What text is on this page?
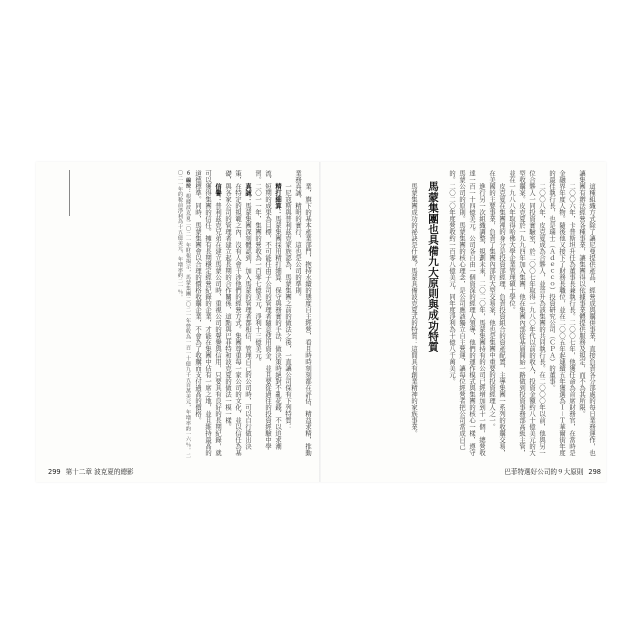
這種組織方式除了讓尼曼提供產品，經營成與購併事業，直接負責各分部處的每日業務運作，也讓集團有辦法經營各種事業，讓集團得以依據事業體提供服務及規定，而不為其所限。

二〇〇六年，卡普斯坦升任為董事長兼執行長。二〇〇七年，他獲任命為首席財務官，在當時是金融界年度人物。隨後他又接下了財務長職位，並在二〇〇五年起連續五年獲選為Ｉ－Ｔ華爾街年度的最佳執行長，也是瑞士（Ａｄｅｃｃｏ）投資研究公司（ＣＰＡ）的董事。

二〇〇八年，皮克夏成為合夥人，並晉升為該集團的共同執行長。在二〇〇〇年以前，他與另一位合夥人一同投資實驗室，於二〇〇七年取得一九八〇年代以前的收入，投資金額約八十億美元的大型收購案。皮克夏於一九九四年加入集團，他在集團內部從基層開始一路做到投資事務部高級主管，並在一九八八年取得哈佛大學企業管理碩士學位。

皮克夏在集團裡的身分是投資部經理，負責投資組合的資產配置，主導集團一系列的收購交易，在美國的主要事業，負責了集團內部的大型交易案，他也是集團中重要的投資經理人之一。

進行另一次組織調整，規劃未來，二〇二〇年，馬蒙集團持有的公司已經增加到十一個，總營收達一百一十四億美元。公司各自由一個資深的經理人領導，他們的運作模式與集團的核心一樣，遵守馬蒙公司的原則。馬蒙集團的核心理念，是公司應該獨立自主營運，讓每位經營者把公司當成自己的。二〇二〇年度營收約一百零八億美元，同年度淨利為十億八千萬美元。

馬蒙集團也具備九大原則與成功特質

馬蒙集團成功的祕訣是什麼？馬蒙具備波克夏式的特質：這間具有創業精神的家族事業。

業，旗下的基本產業部門，抱持水續的態度自主經營，看且時時刻刻都在評估、精益求精，推動業務真誠、精明的實行，這也是公司的準則。

一尼寇斯與普利茲克家族認為，馬蒙集團之前的做法之後，一直讓公司保有下列特質：

精打細算：馬蒙集團採用精打細算、保守與務實的手法，做決策時絕對不亂花錢、不以追求潮流、短期的成果為目標，不可能任由子公司的管理者隨意使用資金，並且要從過往的投資經驗中學習。二〇一一年，集團的營收為一百零七億美元，淨利十三億美元。

真誠：馬蒙集團深刻體認到，加入馬蒙的管理者都相信，管理自己的公司時，可以自行做出決策，在特定的規範之內，沒有人會干涉他們的經營方式。集團尊重每一家公司的文化，並以信任為基礎，與各家公司的管理者建立起長期的合作關係，這點與巴菲特和波克夏的做法一模一樣。

信譽：普利茲克兄弟在建立馬蒙公司時，重視公司的聲譽與信用，只要具有良好的長期紀錄，就可以獲得集團的信任。擁有長期穩定經營紀錄的企業，才能在集團中佔有一席之地，並且維持最高的道德標準。同時，馬蒙集團會以合理的價格收購企業，不會為了收購而支付過高的價格。

６ 編按：根據波克夏二〇二一年財報揭示，馬蒙集團二〇二一年營收為一百一十億九千五百萬美元，年增率約一六％。二〇二一年的稅前淨利為十五億美元，年增率約二一％。

299 第十二章 波克夏的總影	巴菲特選好公司的９大原則 298
